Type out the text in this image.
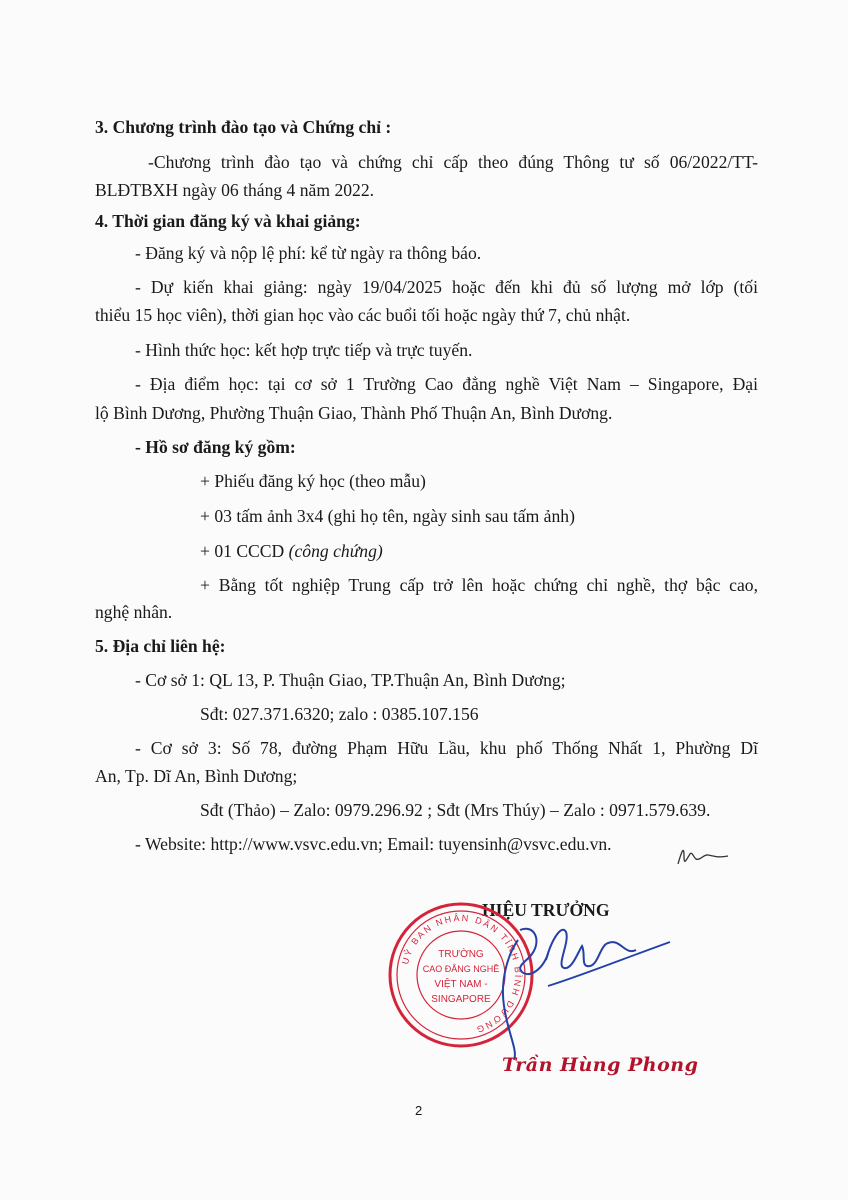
3. Chương trình đào tạo và Chứng chỉ :
-Chương trình đào tạo và chứng chỉ cấp theo đúng Thông tư số 06/2022/TT-
BLĐTBXH ngày 06 tháng 4 năm 2022.
4. Thời gian đăng ký và khai giảng:
- Đăng ký và nộp lệ phí: kể từ ngày ra thông báo.
- Dự kiến khai giảng: ngày 19/04/2025 hoặc đến khi đủ số lượng mở lớp (tối
thiểu 15 học viên), thời gian học vào các buổi tối hoặc ngày thứ 7, chủ nhật.
- Hình thức học: kết hợp trực tiếp và trực tuyến.
- Địa điểm học: tại cơ sở 1 Trường Cao đẳng nghề Việt Nam – Singapore, Đại
lộ Bình Dương, Phường Thuận Giao, Thành Phố Thuận An, Bình Dương.
- Hồ sơ đăng ký gồm:
+ Phiếu đăng ký học (theo mẫu)
+ 03 tấm ảnh 3x4 (ghi họ tên, ngày sinh sau tấm ảnh)
+ 01 CCCD (công chứng)
+ Bằng tốt nghiệp Trung cấp trở lên hoặc chứng chỉ nghề, thợ bậc cao,
nghệ nhân.
5. Địa chỉ liên hệ:
- Cơ sở 1: QL 13, P. Thuận Giao, TP.Thuận An, Bình Dương;
Sđt: 027.371.6320; zalo : 0385.107.156
- Cơ sở 3: Số 78, đường Phạm Hữu Lầu, khu phố Thống Nhất 1, Phường Dĩ
An, Tp. Dĩ An, Bình Dương;
Sđt (Thảo) – Zalo: 0979.296.92 ; Sđt (Mrs Thúy) – Zalo : 0971.579.639.
- Website: http://www.vsvc.edu.vn; Email: tuyensinh@vsvc.edu.vn.
HIỆU TRƯỞNG
UỶ BAN NHÂN DÂN TỈNH BÌNH DƯƠNG
TRƯỜNG
CAO ĐẲNG NGHỀ
VIỆT NAM -
SINGAPORE
Trần Hùng Phong
2
